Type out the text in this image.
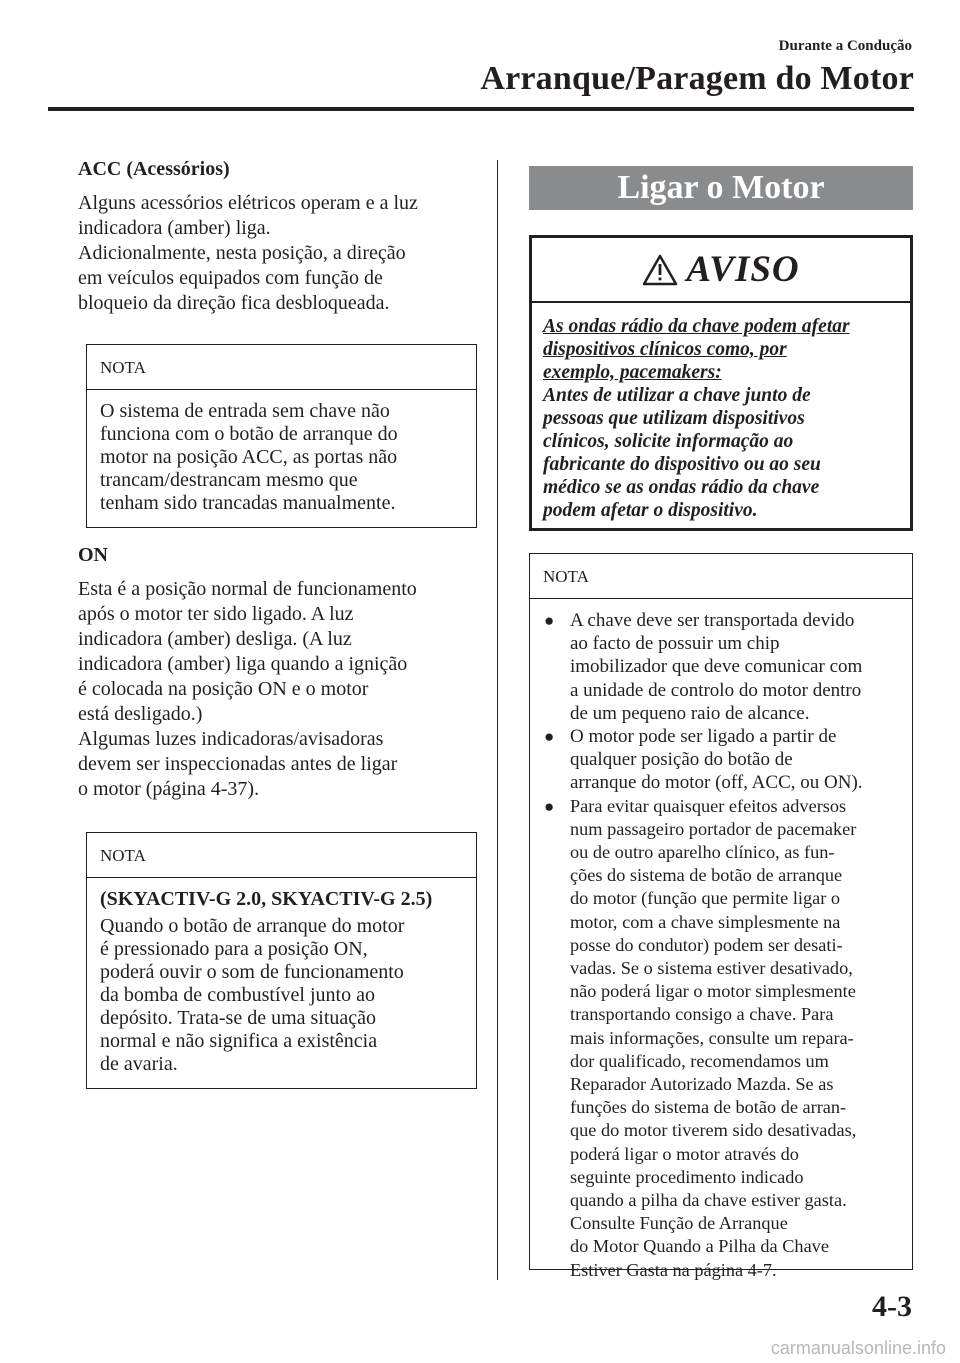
Durante a Condução
Arranque/Paragem do Motor

ACC (Acessórios)

Alguns acessórios elétricos operam e a luz
indicadora (amber) liga.
Adicionalmente, nesta posição, a direção
em veículos equipados com função de
bloqueio da direção fica desbloqueada.
NOTA
O sistema de entrada sem chave não
funciona com o botão de arranque do
motor na posição ACC, as portas não
trancam/destrancam mesmo que
tenham sido trancadas manualmente.

ON

Esta é a posição normal de funcionamento
após o motor ter sido ligado. A luz
indicadora (amber) desliga. (A luz
indicadora (amber) liga quando a ignição
é colocada na posição ON e o motor
está desligado.)
Algumas luzes indicadoras/avisadoras
devem ser inspeccionadas antes de ligar
o motor (página 4-37).
NOTA

(SKYACTIV-G 2.0, SKYACTIV-G 2.5)

Quando o botão de arranque do motor
é pressionado para a posição ON,
poderá ouvir o som de funcionamento
da bomba de combustível junto ao
depósito. Trata-se de uma situação
normal e não significa a existência
de avaria.
Ligar o Motor
AVISO
As ondas rádio da chave podem afetar
dispositivos clínicos como, por
exemplo, pacemakers:
Antes de utilizar a chave junto de
pessoas que utilizam dispositivos
clínicos, solicite informação ao
fabricante do dispositivo ou ao seu
médico se as ondas rádio da chave
podem afetar o dispositivo.
NOTA
● A chave deve ser transportada devido
ao facto de possuir um chip
imobilizador que deve comunicar com
a unidade de controlo do motor dentro
de um pequeno raio de alcance.
● O motor pode ser ligado a partir de
qualquer posição do botão de
arranque do motor (off, ACC, ou ON).
● Para evitar quaisquer efeitos adversos
num passageiro portador de pacemaker
ou de outro aparelho clínico, as fun-
ções do sistema de botão de arranque
do motor (função que permite ligar o
motor, com a chave simplesmente na
posse do condutor) podem ser desati-
vadas. Se o sistema estiver desativado,
não poderá ligar o motor simplesmente
transportando consigo a chave. Para
mais informações, consulte um repara-
dor qualificado, recomendamos um
Reparador Autorizado Mazda. Se as
funções do sistema de botão de arran-
que do motor tiverem sido desativadas,
poderá ligar o motor através do
seguinte procedimento indicado
quando a pilha da chave estiver gasta.
Consulte Função de Arranque
do Motor Quando a Pilha da Chave
Estiver Gasta na página 4-7.
4-3
carmanualsonline.info
